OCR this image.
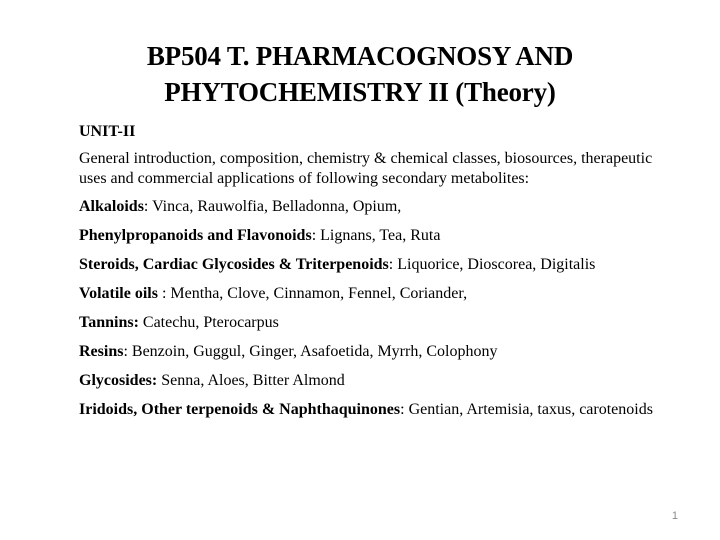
BP504 T. PHARMACOGNOSY AND
PHYTOCHEMISTRY II (Theory)
UNIT-II
General introduction, composition, chemistry & chemical classes, biosources, therapeutic uses and commercial applications of following secondary metabolites:
Alkaloids: Vinca, Rauwolfia, Belladonna, Opium,
Phenylpropanoids and Flavonoids: Lignans, Tea, Ruta
Steroids, Cardiac Glycosides & Triterpenoids: Liquorice, Dioscorea, Digitalis
Volatile oils : Mentha, Clove, Cinnamon, Fennel, Coriander,
Tannins: Catechu, Pterocarpus
Resins: Benzoin, Guggul, Ginger, Asafoetida, Myrrh, Colophony
Glycosides: Senna, Aloes, Bitter Almond
Iridoids, Other terpenoids & Naphthaquinones: Gentian, Artemisia, taxus, carotenoids
1
